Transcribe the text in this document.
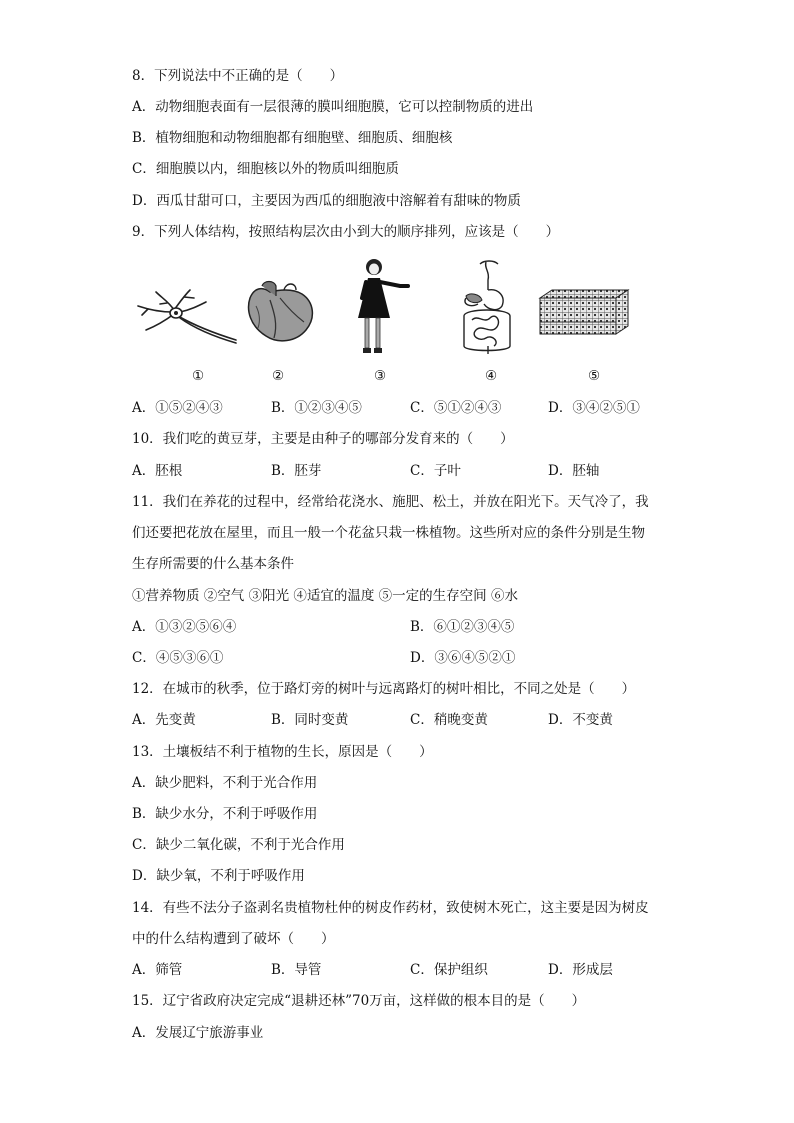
8．下列说法中不正确的是（　　）
A．动物细胞表面有一层很薄的膜叫细胞膜，它可以控制物质的进出
B．植物细胞和动物细胞都有细胞壁、细胞质、细胞核
C．细胞膜以内，细胞核以外的物质叫细胞质
D．西瓜甘甜可口，主要因为西瓜的细胞液中溶解着有甜味的物质
9．下列人体结构，按照结构层次由小到大的顺序排列，应该是（　　）
①	②	③	④	⑤
A．①⑤②④③	B．①②③④⑤	C．⑤①②④③	D．③④②⑤①
10．我们吃的黄豆芽，主要是由种子的哪部分发育来的（　　）
A．胚根	B．胚芽	C．子叶	D．胚轴
11．我们在养花的过程中，经常给花浇水、施肥、松土，并放在阳光下。天气冷了，我
们还要把花放在屋里，而且一般一个花盆只栽一株植物。这些所对应的条件分别是生物
生存所需要的什么基本条件
①营养物质 ②空气 ③阳光 ④适宜的温度 ⑤一定的生存空间 ⑥水
A．①③②⑤⑥④	B．⑥①②③④⑤
C．④⑤③⑥①	D．③⑥④⑤②①
12．在城市的秋季，位于路灯旁的树叶与远离路灯的树叶相比，不同之处是（　　）
A．先变黄	B．同时变黄	C．稍晚变黄	D．不变黄
13．土壤板结不利于植物的生长，原因是（　　）
A．缺少肥料，不利于光合作用
B．缺少水分，不利于呼吸作用
C．缺少二氧化碳，不利于光合作用
D．缺少氧，不利于呼吸作用
14．有些不法分子盗剥名贵植物杜仲的树皮作药材，致使树木死亡，这主要是因为树皮
中的什么结构遭到了破坏（　　）
A．筛管	B．导管	C．保护组织	D．形成层
15．辽宁省政府决定完成“退耕还林”70万亩，这样做的根本目的是（　　）
A．发展辽宁旅游事业
